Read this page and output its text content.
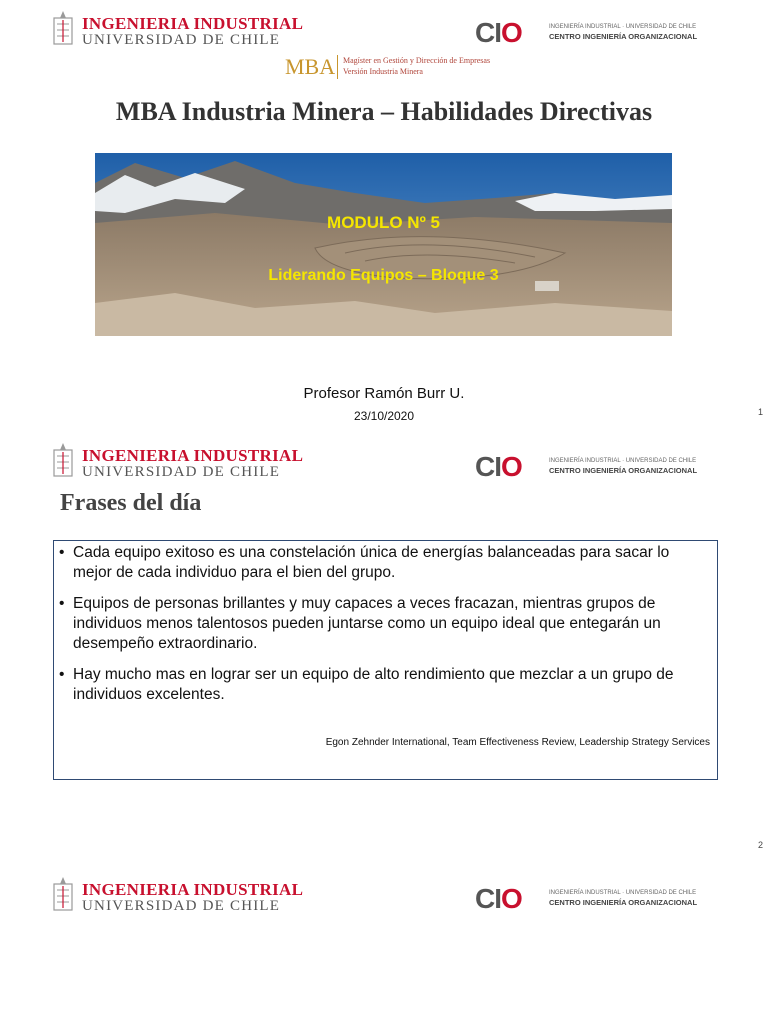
INGENIERIA INDUSTRIAL
UNIVERSIDAD DE CHILE	CIO	INGENIERÍA INDUSTRIAL · UNIVERSIDAD DE CHILE
CENTRO INGENIERÍA ORGANIZACIONAL
MBA Magíster en Gestión y Dirección de Empresas
Versión Industria Minera
MBA Industria Minera – Habilidades Directivas
MODULO Nº 5
Liderando Equipos – Bloque 3
Profesor Ramón Burr U.
23/10/2020	1
INGENIERIA INDUSTRIAL
UNIVERSIDAD DE CHILE	CIO	INGENIERÍA INDUSTRIAL · UNIVERSIDAD DE CHILE
CENTRO INGENIERÍA ORGANIZACIONAL
Frases del día
• Cada equipo exitoso es una constelación única de energías balanceadas para sacar lo mejor de cada individuo para el bien del grupo.
• Equipos de personas brillantes y muy capaces a veces fracazan, mientras grupos de individuos menos talentosos pueden juntarse como un equipo ideal que entegarán un desempeño extraordinario.
• Hay mucho mas en lograr ser un equipo de alto rendimiento que mezclar a un grupo de individuos excelentes.
Egon Zehnder International, Team Effectiveness Review, Leadership Strategy Services
2
INGENIERIA INDUSTRIAL
UNIVERSIDAD DE CHILE	CIO	INGENIERÍA INDUSTRIAL · UNIVERSIDAD DE CHILE
CENTRO INGENIERÍA ORGANIZACIONAL
